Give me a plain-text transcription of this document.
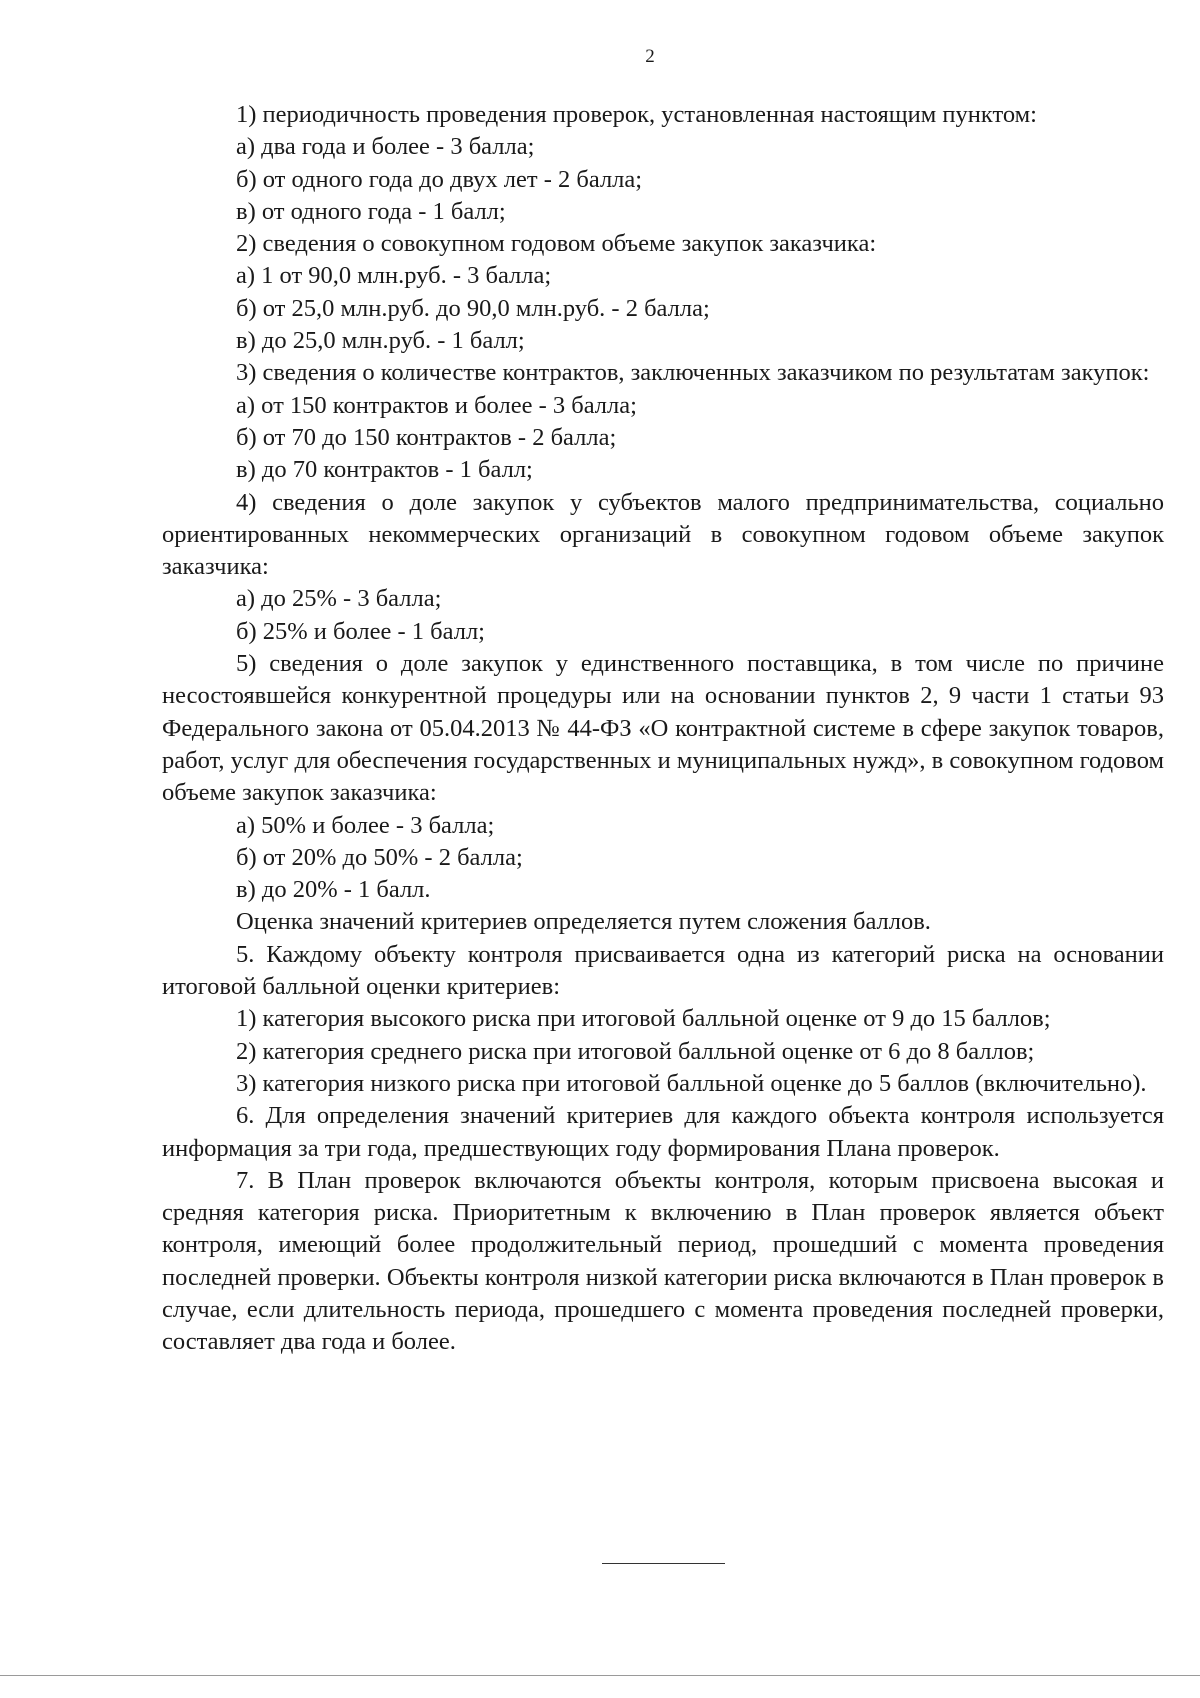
2

1) периодичность проведения проверок, установленная настоящим пунктом:

а) два года и более - 3 балла;

б) от одного года до двух лет - 2 балла;

в) от одного года - 1 балл;

2) сведения о совокупном годовом объеме закупок заказчика:

а) 1 от 90,0 млн.руб. - 3 балла;

б) от 25,0 млн.руб. до 90,0 млн.руб. - 2 балла;

в) до 25,0 млн.руб. - 1 балл;

3) сведения о количестве контрактов, заключенных заказчиком по результатам закупок:

а) от 150 контрактов и более - 3 балла;

б) от 70 до 150 контрактов - 2 балла;

в) до 70 контрактов - 1 балл;

4) сведения о доле закупок у субъектов малого предпринимательства, социально ориентированных некоммерческих организаций в совокупном годовом объеме закупок заказчика:

а) до 25% - 3 балла;

б) 25% и более - 1 балл;

5) сведения о доле закупок у единственного поставщика, в том числе по причине несостоявшейся конкурентной процедуры или на основании пунктов 2, 9 части 1 статьи 93 Федерального закона от 05.04.2013 № 44-ФЗ «О контрактной системе в сфере закупок товаров, работ, услуг для обеспечения государственных и муниципальных нужд», в совокупном годовом объеме закупок заказчика:

а) 50% и более - 3 балла;

б) от 20% до 50% - 2 балла;

в) до 20% - 1 балл.

Оценка значений критериев определяется путем сложения баллов.

5. Каждому объекту контроля присваивается одна из категорий риска на основании итоговой балльной оценки критериев:

1) категория высокого риска при итоговой балльной оценке от 9 до 15 баллов;

2) категория среднего риска при итоговой балльной оценке от 6 до 8 баллов;

3) категория низкого риска при итоговой балльной оценке до 5 баллов (включительно).

6. Для определения значений критериев для каждого объекта контроля используется информация за три года, предшествующих году формирования Плана проверок.

7. В План проверок включаются объекты контроля, которым присвоена высокая и средняя категория риска. Приоритетным к включению в План проверок является объект контроля, имеющий более продолжительный период, прошедший с момента проведения последней проверки. Объекты контроля низкой категории риска включаются в План проверок в случае, если длительность периода, прошедшего с момента проведения последней проверки, составляет два года и более.
